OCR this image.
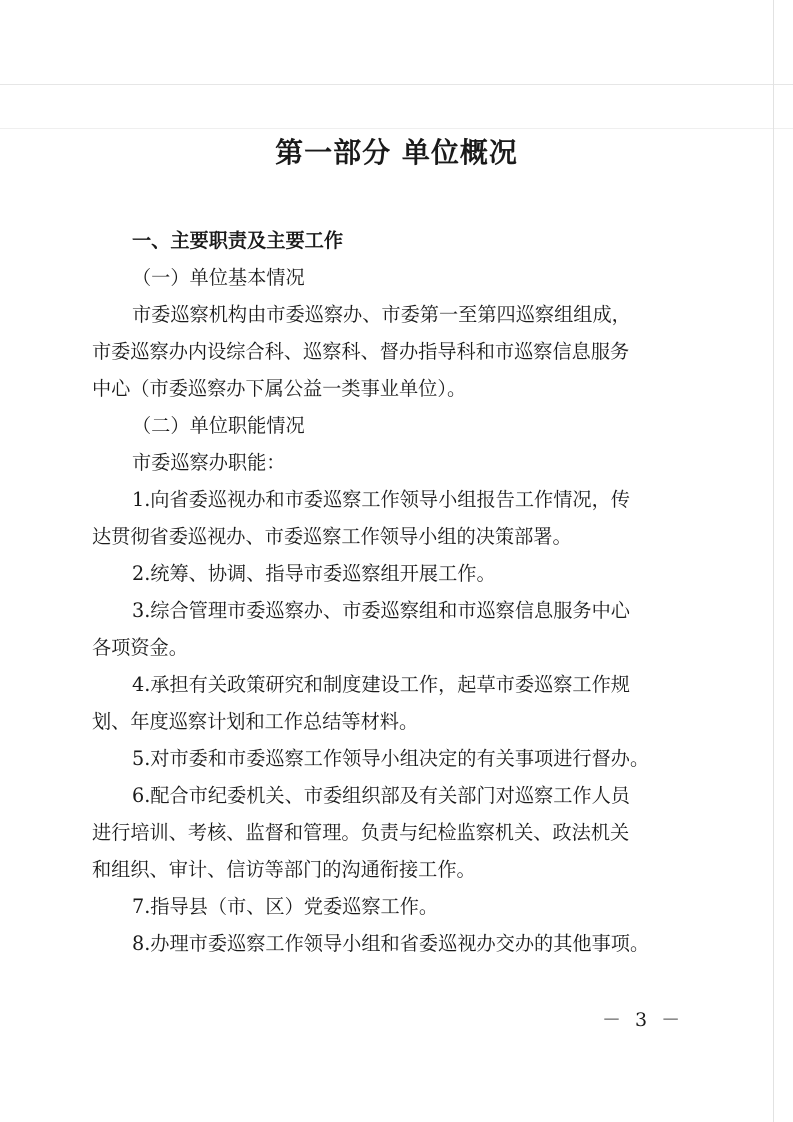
第一部分 单位概况
一、主要职责及主要工作
（一）单位基本情况
市委巡察机构由市委巡察办、市委第一至第四巡察组组成，
市委巡察办内设综合科、巡察科、督办指导科和市巡察信息服务
中心（市委巡察办下属公益一类事业单位）。
（二）单位职能情况
市委巡察办职能：
1.向省委巡视办和市委巡察工作领导小组报告工作情况，传
达贯彻省委巡视办、市委巡察工作领导小组的决策部署。
2.统筹、协调、指导市委巡察组开展工作。
3.综合管理市委巡察办、市委巡察组和市巡察信息服务中心
各项资金。
4.承担有关政策研究和制度建设工作，起草市委巡察工作规
划、年度巡察计划和工作总结等材料。
5.对市委和市委巡察工作领导小组决定的有关事项进行督办。
6.配合市纪委机关、市委组织部及有关部门对巡察工作人员
进行培训、考核、监督和管理。负责与纪检监察机关、政法机关
和组织、审计、信访等部门的沟通衔接工作。
7.指导县（市、区）党委巡察工作。
8.办理市委巡察工作领导小组和省委巡视办交办的其他事项。
－ 3 －
